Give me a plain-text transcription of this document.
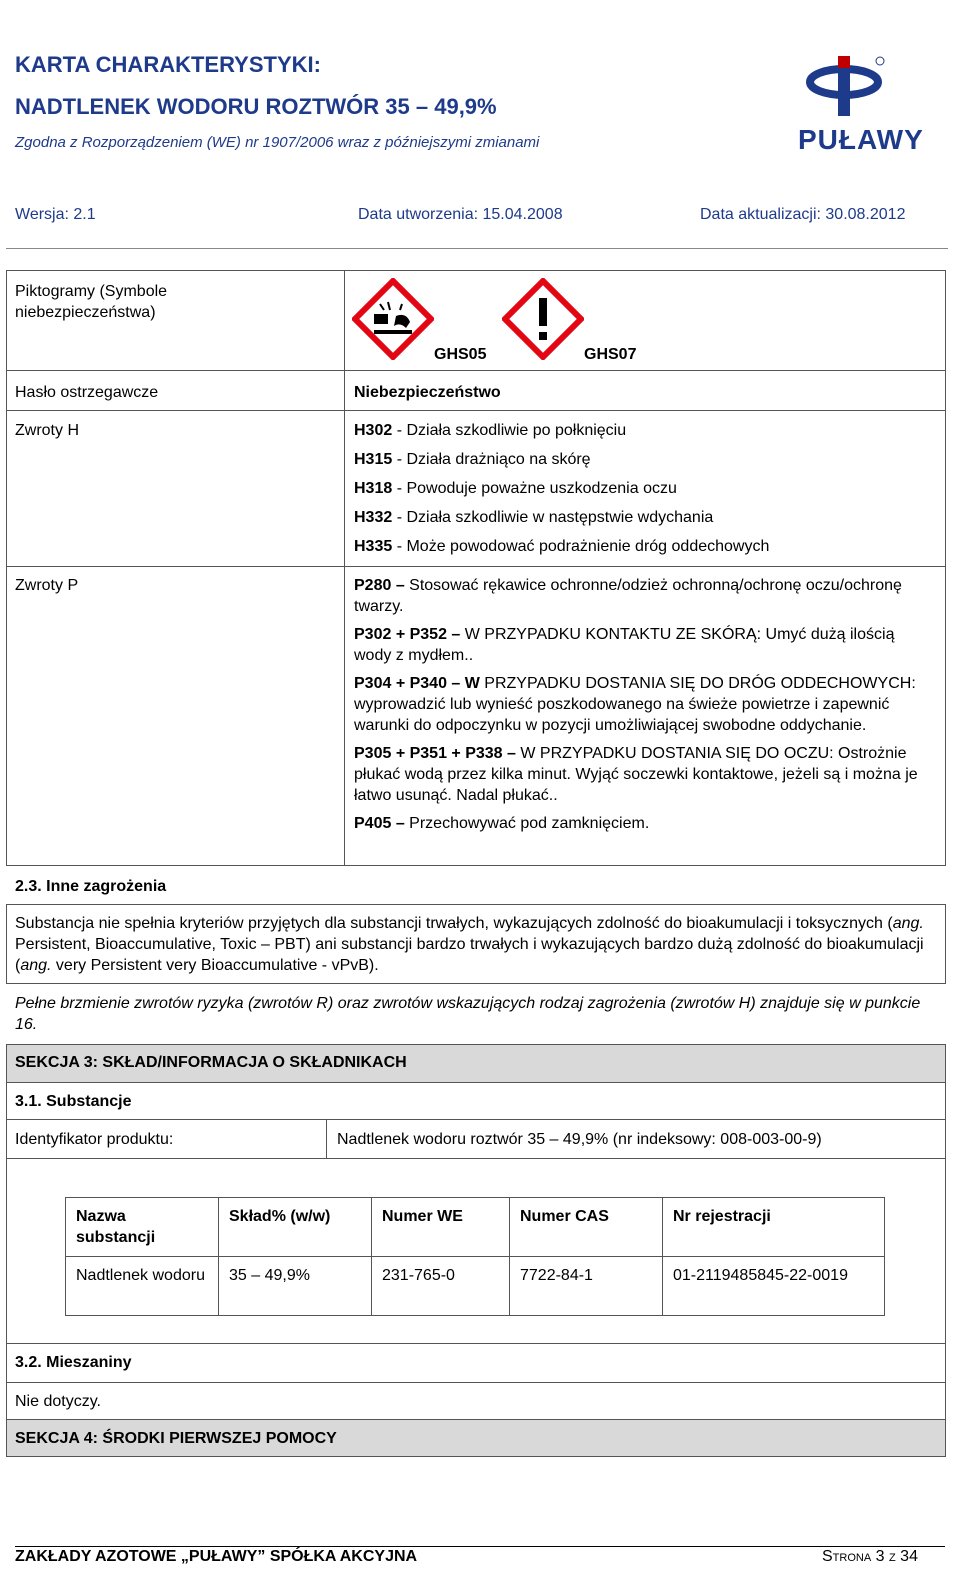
KARTA CHARAKTERYSTYKI:
NADTLENEK WODORU ROZTWÓR 35 – 49,9%
Zgodna z Rozporządzeniem (WE) nr 1907/2006 wraz z późniejszymi zmianami	PUŁAWY
Wersja: 2.1	Data utworzenia: 15.04.2008	Data aktualizacji: 30.08.2012
Piktogramy (Symbole niebezpieczeństwa)
GHS05	GHS07
Hasło ostrzegawcze	Niebezpieczeństwo
Zwroty H	H302 - Działa szkodliwie po połknięciu
H315 - Działa drażniąco na skórę
H318 - Powoduje poważne uszkodzenia oczu
H332 - Działa szkodliwie w następstwie wdychania
H335 - Może powodować podrażnienie dróg oddechowych
Zwroty P	P280 – Stosować rękawice ochronne/odzież ochronną/ochronę oczu/ochronę twarzy.
P302 + P352 – W PRZYPADKU KONTAKTU ZE SKÓRĄ: Umyć dużą ilością wody z mydłem..
P304 + P340 – W PRZYPADKU DOSTANIA SIĘ DO DRÓG ODDECHOWYCH: wyprowadzić lub wynieść poszkodowanego na świeże powietrze i zapewnić warunki do odpoczynku w pozycji umożliwiającej swobodne oddychanie.
P305 + P351 + P338 – W PRZYPADKU DOSTANIA SIĘ DO OCZU: Ostrożnie płukać wodą przez kilka minut. Wyjąć soczewki kontaktowe, jeżeli są i można je łatwo usunąć. Nadal płukać..
P405 – Przechowywać pod zamknięciem.
2.3. Inne zagrożenia
Substancja nie spełnia kryteriów przyjętych dla substancji trwałych, wykazujących zdolność do bioakumulacji i toksycznych (ang. Persistent, Bioaccumulative, Toxic – PBT) ani substancji bardzo trwałych i wykazujących bardzo dużą zdolność do bioakumulacji (ang. very Persistent very Bioaccumulative - vPvB).
Pełne brzmienie zwrotów ryzyka (zwrotów R) oraz zwrotów wskazujących rodzaj zagrożenia (zwrotów H) znajduje się w punkcie 16.
SEKCJA 3: SKŁAD/INFORMACJA O SKŁADNIKACH
3.1. Substancje
Identyfikator produktu:	Nadtlenek wodoru roztwór 35 – 49,9% (nr indeksowy: 008-003-00-9)
Nazwa substancji	Skład% (w/w)	Numer WE	Numer CAS	Nr rejestracji
Nadtlenek wodoru	35 – 49,9%	231-765-0	7722-84-1	01-2119485845-22-0019
3.2. Mieszaniny
Nie dotyczy.
SEKCJA 4: ŚRODKI PIERWSZEJ POMOCY
ZAKŁADY AZOTOWE „PUŁAWY” SPÓŁKA AKCYJNA	Strona 3 z 34
